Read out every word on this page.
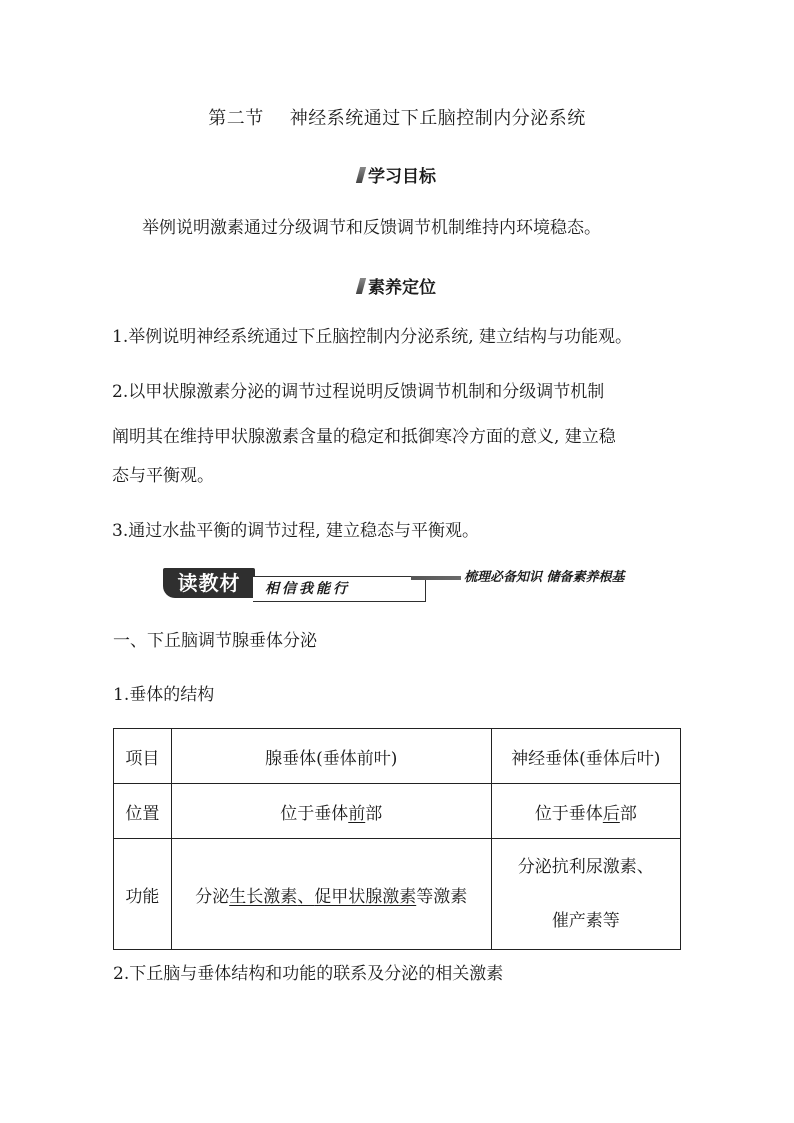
第二节 神经系统通过下丘脑控制内分泌系统
学习目标
举例说明激素通过分级调节和反馈调节机制维持内环境稳态。
素养定位
1.举例说明神经系统通过下丘脑控制内分泌系统, 建立结构与功能观。
2.以甲状腺激素分泌的调节过程说明反馈调节机制和分级调节机制
阐明其在维持甲状腺激素含量的稳定和抵御寒冷方面的意义, 建立稳
态与平衡观。
3.通过水盐平衡的调节过程, 建立稳态与平衡观。
读教材	相信我能行
梳理必备知识 储备素养根基
一、下丘脑调节腺垂体分泌
1.垂体的结构
项目	腺垂体(垂体前叶)	神经垂体(垂体后叶)
位置	位于垂体前部	位于垂体后部
功能	分泌生长激素、促甲状腺激素等激素	分泌抗利尿激素、
催产素等
2.下丘脑与垂体结构和功能的联系及分泌的相关激素
